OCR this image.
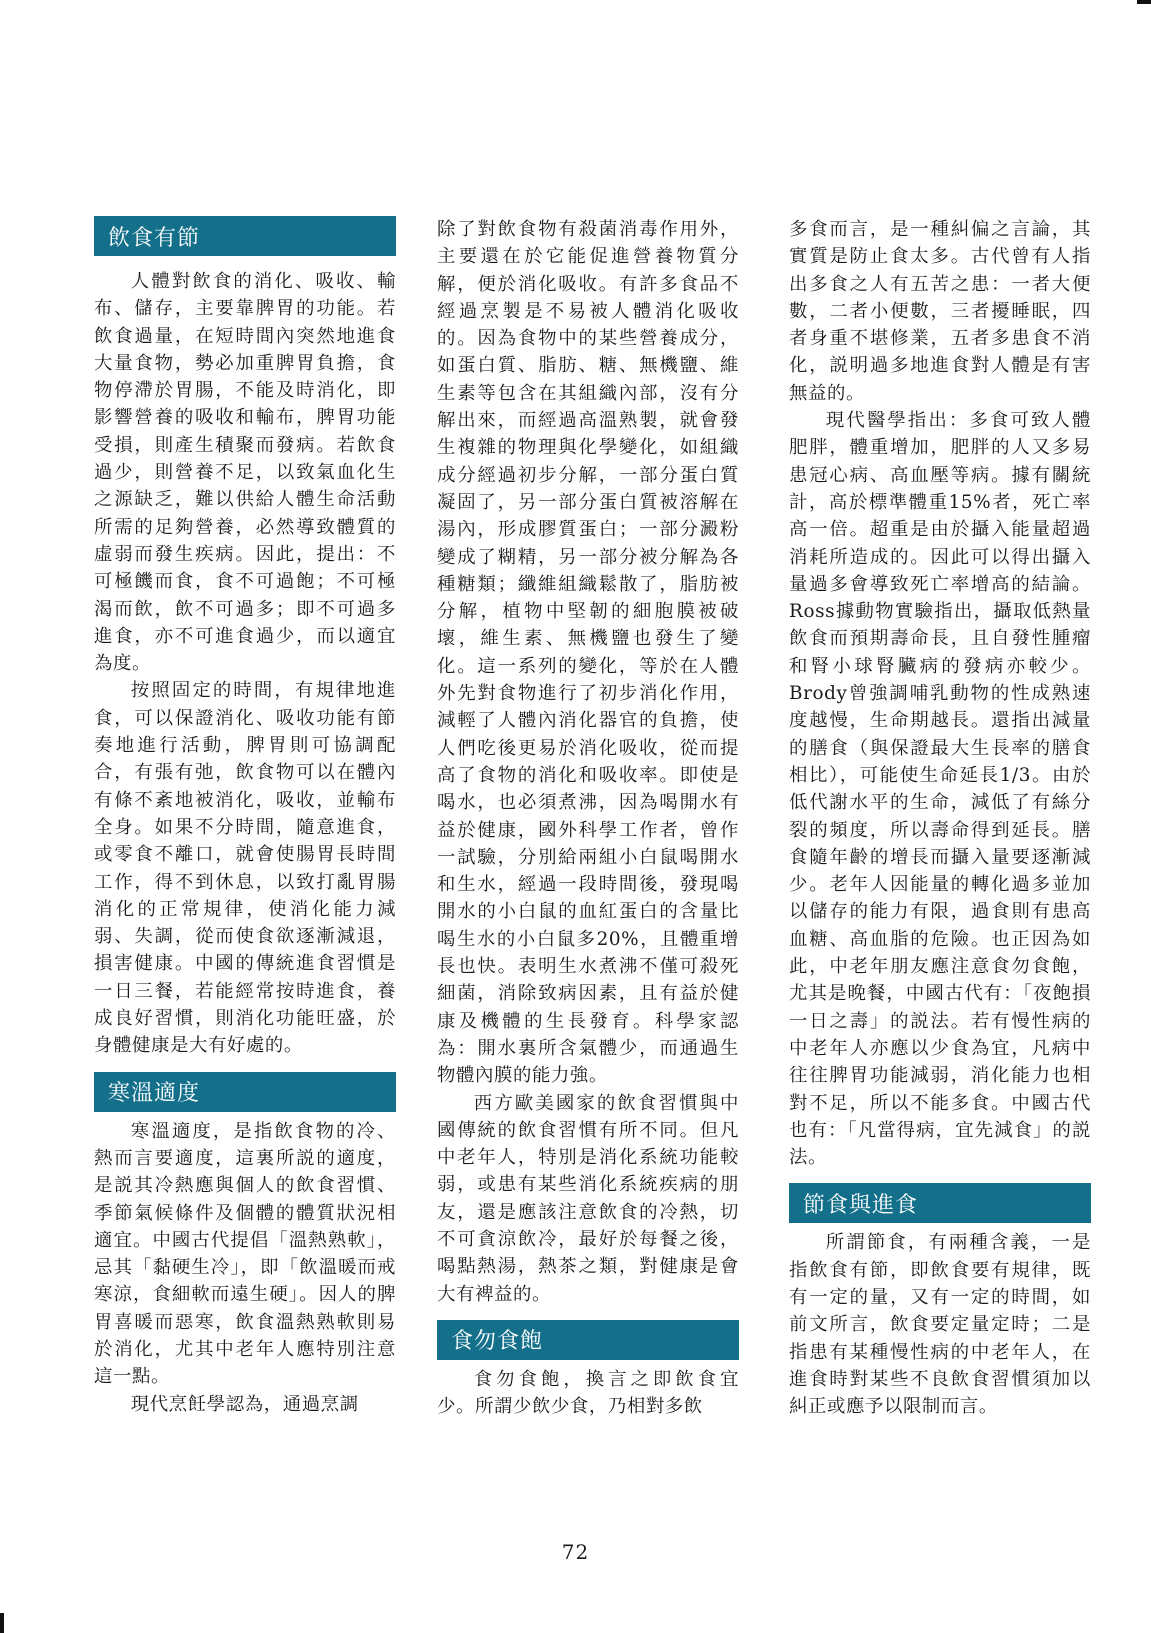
飲食有節

人體對飲食的消化、吸收、輸布、儲存，主要靠脾胃的功能。若飲食過量，在短時間內突然地進食大量食物，勢必加重脾胃負擔，食物停滯於胃腸，不能及時消化，即影響營養的吸收和輸布，脾胃功能受損，則產生積聚而發病。若飲食過少，則營養不足，以致氣血化生之源缺乏，難以供給人體生命活動所需的足夠營養，必然導致體質的虛弱而發生疾病。因此，提出：不可極饑而食，食不可過飽；不可極渴而飲，飲不可過多；即不可過多進食，亦不可進食過少，而以適宜為度。

按照固定的時間，有規律地進食，可以保證消化、吸收功能有節奏地進行活動，脾胃則可協調配合，有張有弛，飲食物可以在體內有條不紊地被消化，吸收，並輸布全身。如果不分時間，隨意進食，或零食不離口，就會使腸胃長時間工作，得不到休息，以致打亂胃腸消化的正常規律，使消化能力減弱、失調，從而使食欲逐漸減退，損害健康。中國的傳統進食習慣是一日三餐，若能經常按時進食，養成良好習慣，則消化功能旺盛，於身體健康是大有好處的。

寒溫適度

寒溫適度，是指飲食物的冷、熱而言要適度，這裏所説的適度，是説其冷熱應與個人的飲食習慣、季節氣候條件及個體的體質狀況相適宜。中國古代提倡「溫熱熟軟」，忌其「黏硬生冷」，即「飲溫暖而戒寒涼，食細軟而遠生硬」。因人的脾胃喜暖而惡寒，飲食溫熱熟軟則易於消化，尤其中老年人應特別注意這一點。

現代烹飪學認為，通過烹調

除了對飲食物有殺菌消毒作用外，主要還在於它能促進營養物質分解，便於消化吸收。有許多食品不經過烹製是不易被人體消化吸收的。因為食物中的某些營養成分，如蛋白質、脂肪、糖、無機鹽、維生素等包含在其組織內部，沒有分解出來，而經過高溫熟製，就會發生複雜的物理與化學變化，如組織成分經過初步分解，一部分蛋白質凝固了，另一部分蛋白質被溶解在湯內，形成膠質蛋白；一部分澱粉變成了糊精，另一部分被分解為各種糖類；纖維組織鬆散了，脂肪被分解，植物中堅韌的細胞膜被破壞，維生素、無機鹽也發生了變化。這一系列的變化，等於在人體外先對食物進行了初步消化作用，減輕了人體內消化器官的負擔，使人們吃後更易於消化吸收，從而提高了食物的消化和吸收率。即使是喝水，也必須煮沸，因為喝開水有益於健康，國外科學工作者，曾作一試驗，分別給兩組小白鼠喝開水和生水，經過一段時間後，發現喝開水的小白鼠的血紅蛋白的含量比喝生水的小白鼠多20%，且體重增長也快。表明生水煮沸不僅可殺死細菌，消除致病因素，且有益於健康及機體的生長發育。科學家認為：開水裏所含氣體少，而通過生物體內膜的能力強。

西方歐美國家的飲食習慣與中國傳統的飲食習慣有所不同。但凡中老年人，特別是消化系統功能較弱，或患有某些消化系統疾病的朋友，還是應該注意飲食的冷熱，切不可貪涼飲冷，最好於每餐之後，喝點熱湯，熱茶之類，對健康是會大有裨益的。

食勿食飽

食勿食飽，換言之即飲食宜少。所謂少飲少食，乃相對多飲

多食而言，是一種糾偏之言論，其實質是防止食太多。古代曾有人指出多食之人有五苦之患：一者大便數，二者小便數，三者擾睡眠，四者身重不堪修業，五者多患食不消化，説明過多地進食對人體是有害無益的。

現代醫學指出：多食可致人體肥胖，體重增加，肥胖的人又多易患冠心病、高血壓等病。據有關統計，高於標準體重15%者，死亡率高一倍。超重是由於攝入能量超過消耗所造成的。因此可以得出攝入量過多會導致死亡率增高的結論。Ross據動物實驗指出，攝取低熱量飲食而預期壽命長，且自發性腫瘤和腎小球腎臟病的發病亦較少。Brody曾強調哺乳動物的性成熟速度越慢，生命期越長。還指出減量的膳食（與保證最大生長率的膳食相比），可能使生命延長1/3。由於低代謝水平的生命，減低了有絲分裂的頻度，所以壽命得到延長。膳食隨年齡的增長而攝入量要逐漸減少。老年人因能量的轉化過多並加以儲存的能力有限，過食則有患高血糖、高血脂的危險。也正因為如此，中老年朋友應注意食勿食飽，尤其是晚餐，中國古代有：「夜飽損一日之壽」的説法。若有慢性病的中老年人亦應以少食為宜，凡病中往往脾胃功能減弱，消化能力也相對不足，所以不能多食。中國古代也有：「凡當得病，宜先減食」的説法。

節食與進食

所謂節食，有兩種含義，一是指飲食有節，即飲食要有規律，既有一定的量，又有一定的時間，如前文所言，飲食要定量定時；二是指患有某種慢性病的中老年人，在進食時對某些不良飲食習慣須加以糾正或應予以限制而言。

72
